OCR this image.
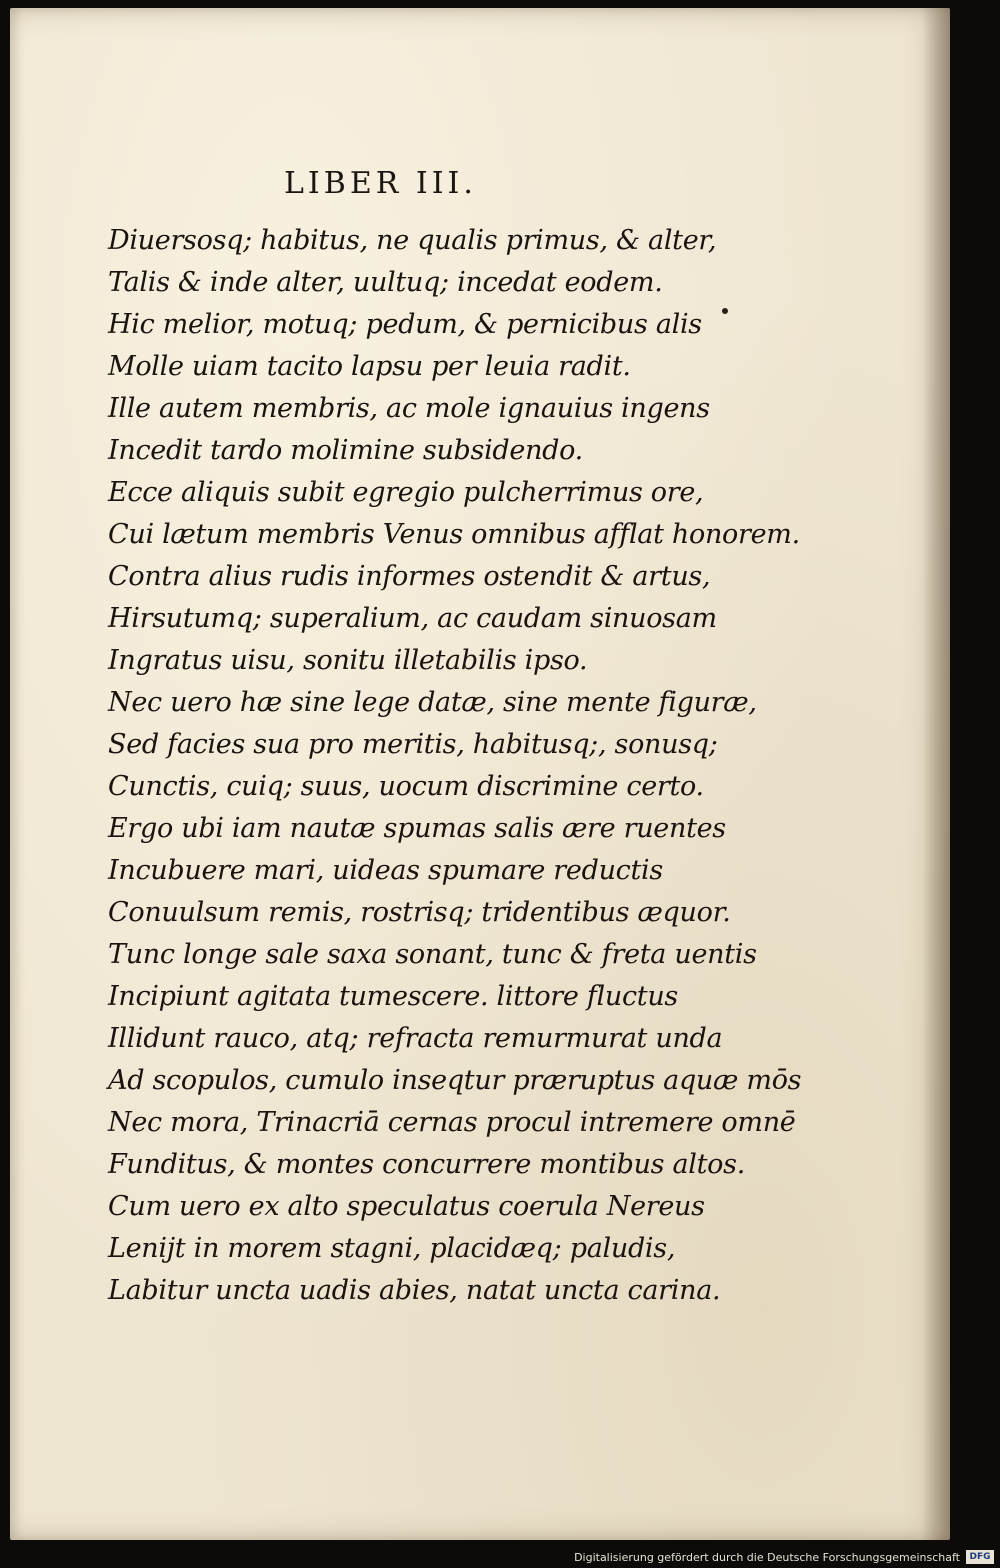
LIBER III.
Diuersosq; habitus, ne qualis primus, & alter,
Talis & inde alter, uultuq; incedat eodem.
Hic melior, motuq; pedum, & pernicibus alis
Molle uiam tacito lapsu per leuia radit.
Ille autem membris, ac mole ignauius ingens
Incedit tardo molimine subsidendo.
Ecce aliquis subit egregio pulcherrimus ore,
Cui lætum membris Venus omnibus afflat honorem.
Contra alius rudis informes ostendit & artus,
Hirsutumq; superalium, ac caudam sinuosam
Ingratus uisu, sonitu illetabilis ipso.
Nec uero hæ sine lege datæ, sine mente figuræ,
Sed facies sua pro meritis, habitusq;, sonusq;
Cunctis, cuiq; suus, uocum discrimine certo.
Ergo ubi iam nautæ spumas salis ære ruentes
Incubuere mari, uideas spumare reductis
Conuulsum remis, rostrisq; tridentibus æquor.
Tunc longe sale saxa sonant, tunc & freta uentis
Incipiunt agitata tumescere. littore fluctus
Illidunt rauco, atq; refracta remurmurat unda
Ad scopulos, cumulo inseqtur præruptus aquæ mōs
Nec mora, Trinacriā cernas procul intremere omnē
Funditus, & montes concurrere montibus altos.
Cum uero ex alto speculatus coerula Nereus
Lenijt in morem stagni, placidæq; paludis,
Labitur uncta uadis abies, natat uncta carina.
Digitalisierung gefördert durch die Deutsche Forschungsgemeinschaft	DFG
